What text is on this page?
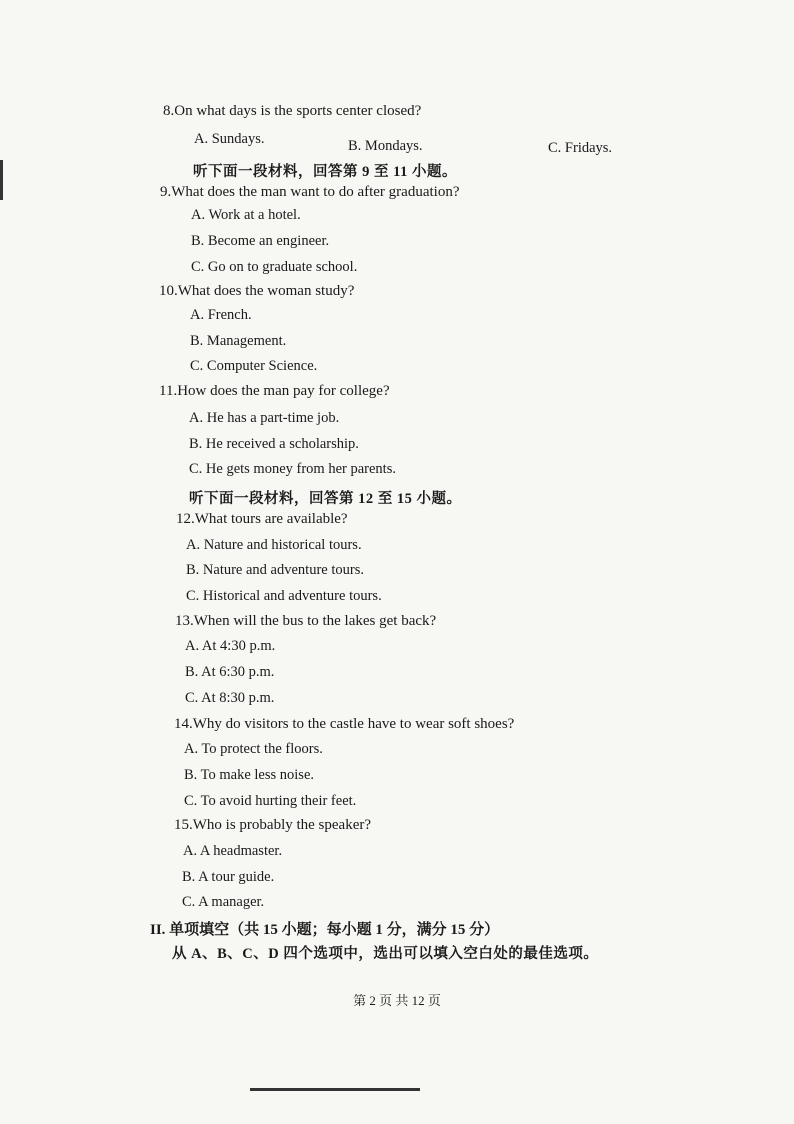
8.On what days is the sports center closed?
A. Sundays.	B. Mondays.	C. Fridays.
听下面一段材料，回答第 9 至 11 小题。
9.What does the man want to do after graduation?
A. Work at a hotel.
B. Become an engineer.
C. Go on to graduate school.
10.What does the woman study?
A. French.
B. Management.
C. Computer Science.
11.How does the man pay for college?
A. He has a part-time job.
B. He received a scholarship.
C. He gets money from her parents.
听下面一段材料，回答第 12 至 15 小题。
12.What tours are available?
A. Nature and historical tours.
B. Nature and adventure tours.
C. Historical and adventure tours.
13.When will the bus to the lakes get back?
A. At 4:30 p.m.
B. At 6:30 p.m.
C. At 8:30 p.m.
14.Why do visitors to the castle have to wear soft shoes?
A. To protect the floors.
B. To make less noise.
C. To avoid hurting their feet.
15.Who is probably the speaker?
A. A headmaster.
B. A tour guide.
C. A manager.
II. 单项填空（共 15 小题；每小题 1 分，满分 15 分）
从 A、B、C、D 四个选项中，选出可以填入空白处的最佳选项。
第 2 页 共 12 页
